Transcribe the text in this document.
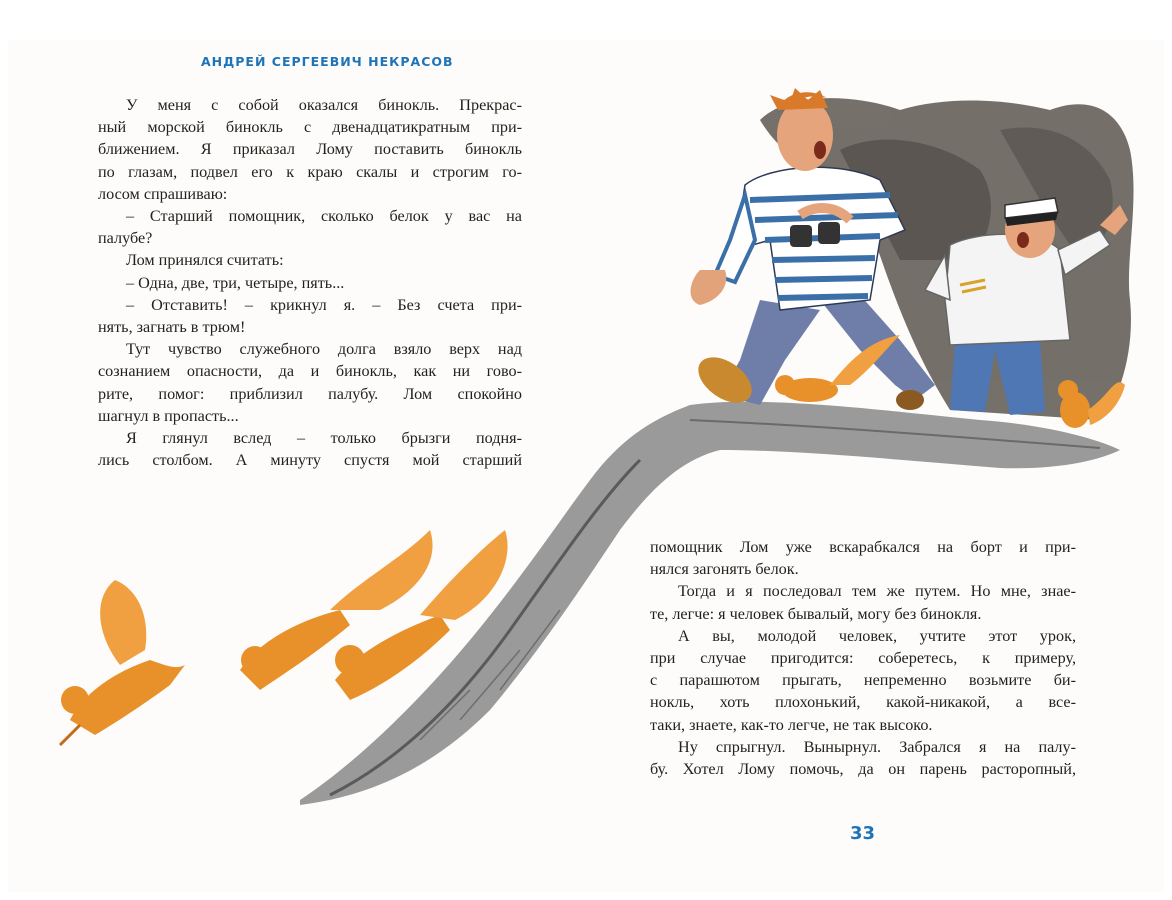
АНДРЕЙ СЕРГЕЕВИЧ НЕКРАСОВ
У меня с собой оказался бинокль. Прекрас-
ный морской бинокль с двенадцатикратным при-
ближением. Я приказал Лому поставить бинокль
по глазам, подвел его к краю скалы и строгим го-
лосом спрашиваю:
– Старший помощник, сколько белок у вас на
палубе?
Лом принялся считать:
– Одна, две, три, четыре, пять...
– Отставить! – крикнул я. – Без счета при-
нять, загнать в трюм!
Тут чувство служебного долга взяло верх над
сознанием опасности, да и бинокль, как ни гово-
рите, помог: приблизил палубу. Лом спокойно
шагнул в пропасть...
Я глянул вслед – только брызги подня-
лись столбом. А минуту спустя мой старший
помощник Лом уже вскарабкался на борт и при-
нялся загонять белок.
Тогда и я последовал тем же путем. Но мне, знае-
те, легче: я человек бывалый, могу без бинокля.
А вы, молодой человек, учтите этот урок,
при случае пригодится: соберетесь, к примеру,
с парашютом прыгать, непременно возьмите би-
нокль, хоть плохонький, какой-никакой, а все-
таки, знаете, как-то легче, не так высоко.
Ну спрыгнул. Вынырнул. Забрался я на палу-
бу. Хотел Лому помочь, да он парень расторопный,
33
